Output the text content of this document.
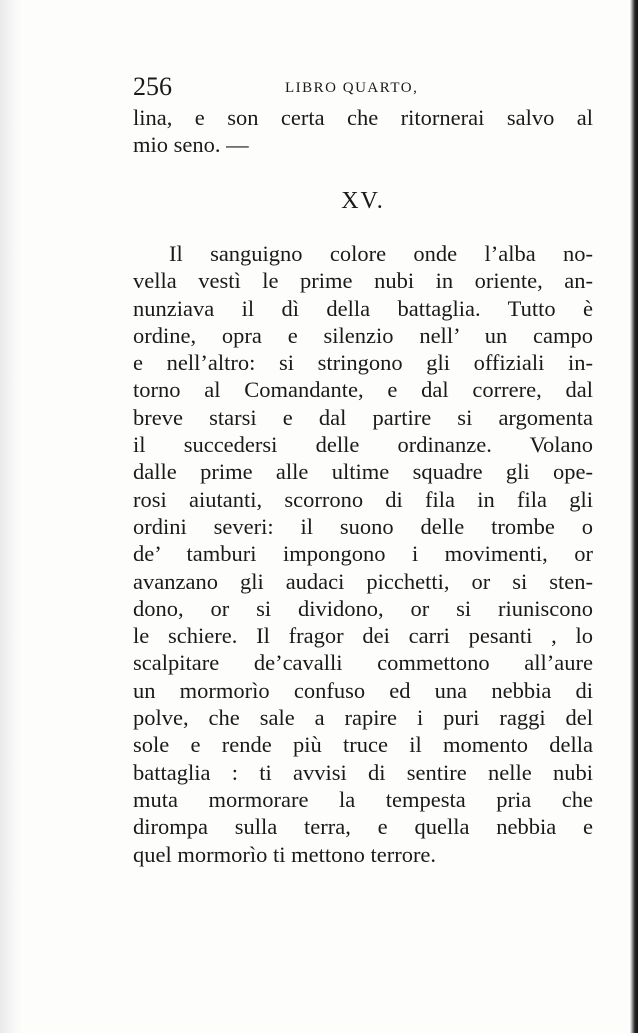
256	LIBRO QUARTO,
lina, e son certa che ritornerai salvo al
mio seno. —
XV.
Il sanguigno colore onde l’alba no-
vella vestì le prime nubi in oriente, an-
nunziava il dì della battaglia. Tutto è
ordine, opra e silenzio nell’ un campo
e nell’altro: si stringono gli offiziali in-
torno al Comandante, e dal correre, dal
breve starsi e dal partire si argomenta
il succedersi delle ordinanze. Volano
dalle prime alle ultime squadre gli ope-
rosi aiutanti, scorrono di fila in fila gli
ordini severi: il suono delle trombe o
de’ tamburi impongono i movimenti, or
avanzano gli audaci picchetti, or si sten-
dono, or si dividono, or si riuniscono
le schiere. Il fragor dei carri pesanti , lo
scalpitare de’cavalli commettono all’aure
un mormorìo confuso ed una nebbia di
polve, che sale a rapire i puri raggi del
sole e rende più truce il momento della
battaglia : ti avvisi di sentire nelle nubi
muta mormorare la tempesta pria che
dirompa sulla terra, e quella nebbia e
quel mormorìo ti mettono terrore.
